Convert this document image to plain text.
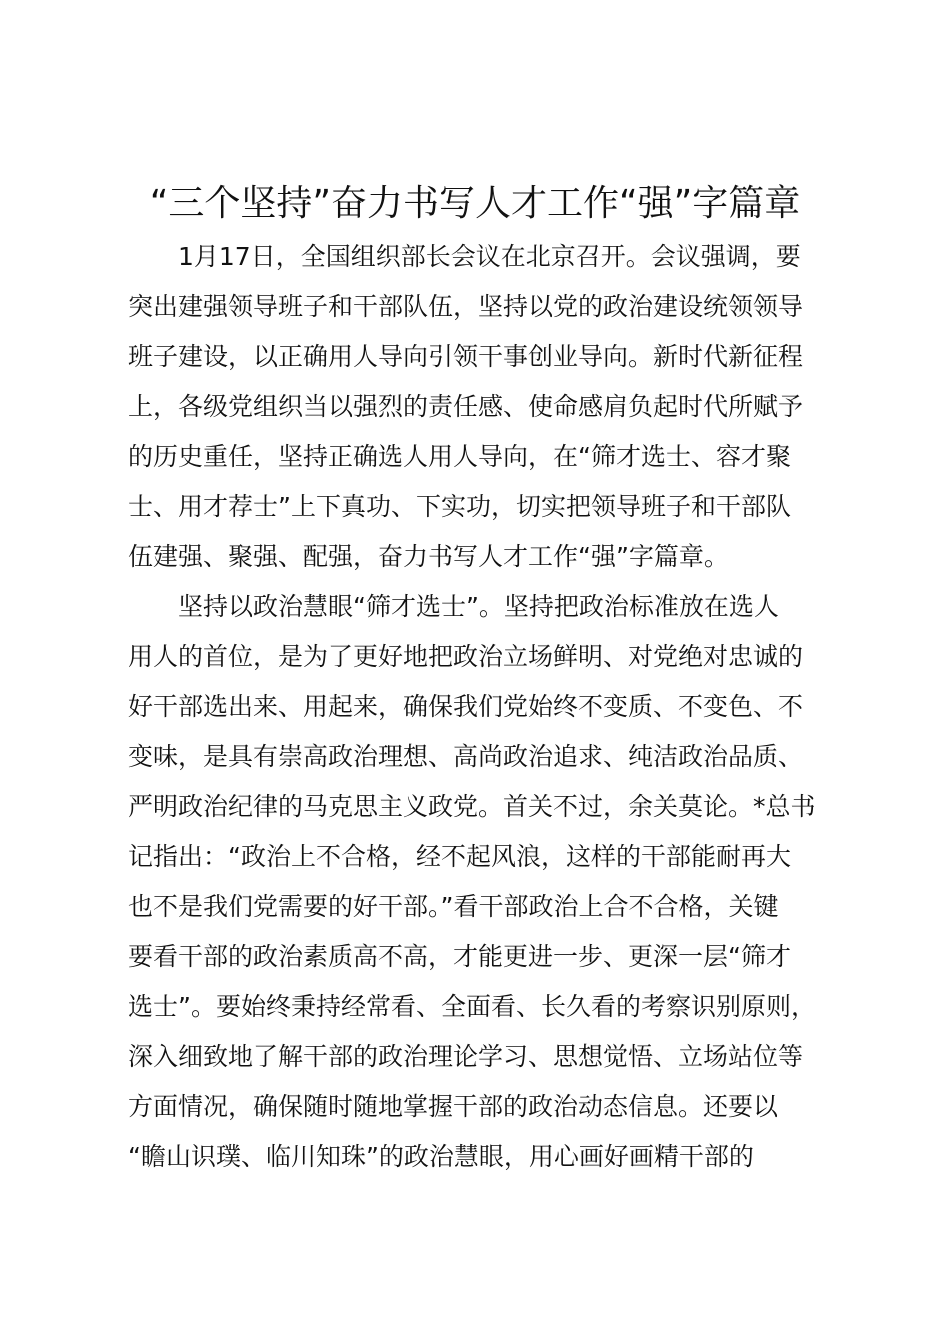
“三个坚持”奋力书写人才工作“强”字篇章
　　1月17日，全国组织部长会议在北京召开。会议强调，要
突出建强领导班子和干部队伍，坚持以党的政治建设统领领导
班子建设，以正确用人导向引领干事创业导向。新时代新征程
上，各级党组织当以强烈的责任感、使命感肩负起时代所赋予
的历史重任，坚持正确选人用人导向，在“筛才选士、容才聚
士、用才荐士”上下真功、下实功，切实把领导班子和干部队
伍建强、聚强、配强，奋力书写人才工作“强”字篇章。
　　坚持以政治慧眼“筛才选士”。坚持把政治标准放在选人
用人的首位，是为了更好地把政治立场鲜明、对党绝对忠诚的
好干部选出来、用起来，确保我们党始终不变质、不变色、不
变味，是具有崇高政治理想、高尚政治追求、纯洁政治品质、
严明政治纪律的马克思主义政党。首关不过，余关莫论。*总书
记指出：“政治上不合格，经不起风浪，这样的干部能耐再大
也不是我们党需要的好干部。”看干部政治上合不合格，关键
要看干部的政治素质高不高，才能更进一步、更深一层“筛才
选士”。要始终秉持经常看、全面看、长久看的考察识别原则，
深入细致地了解干部的政治理论学习、思想觉悟、立场站位等
方面情况，确保随时随地掌握干部的政治动态信息。还要以
“瞻山识璞、临川知珠”的政治慧眼，用心画好画精干部的
